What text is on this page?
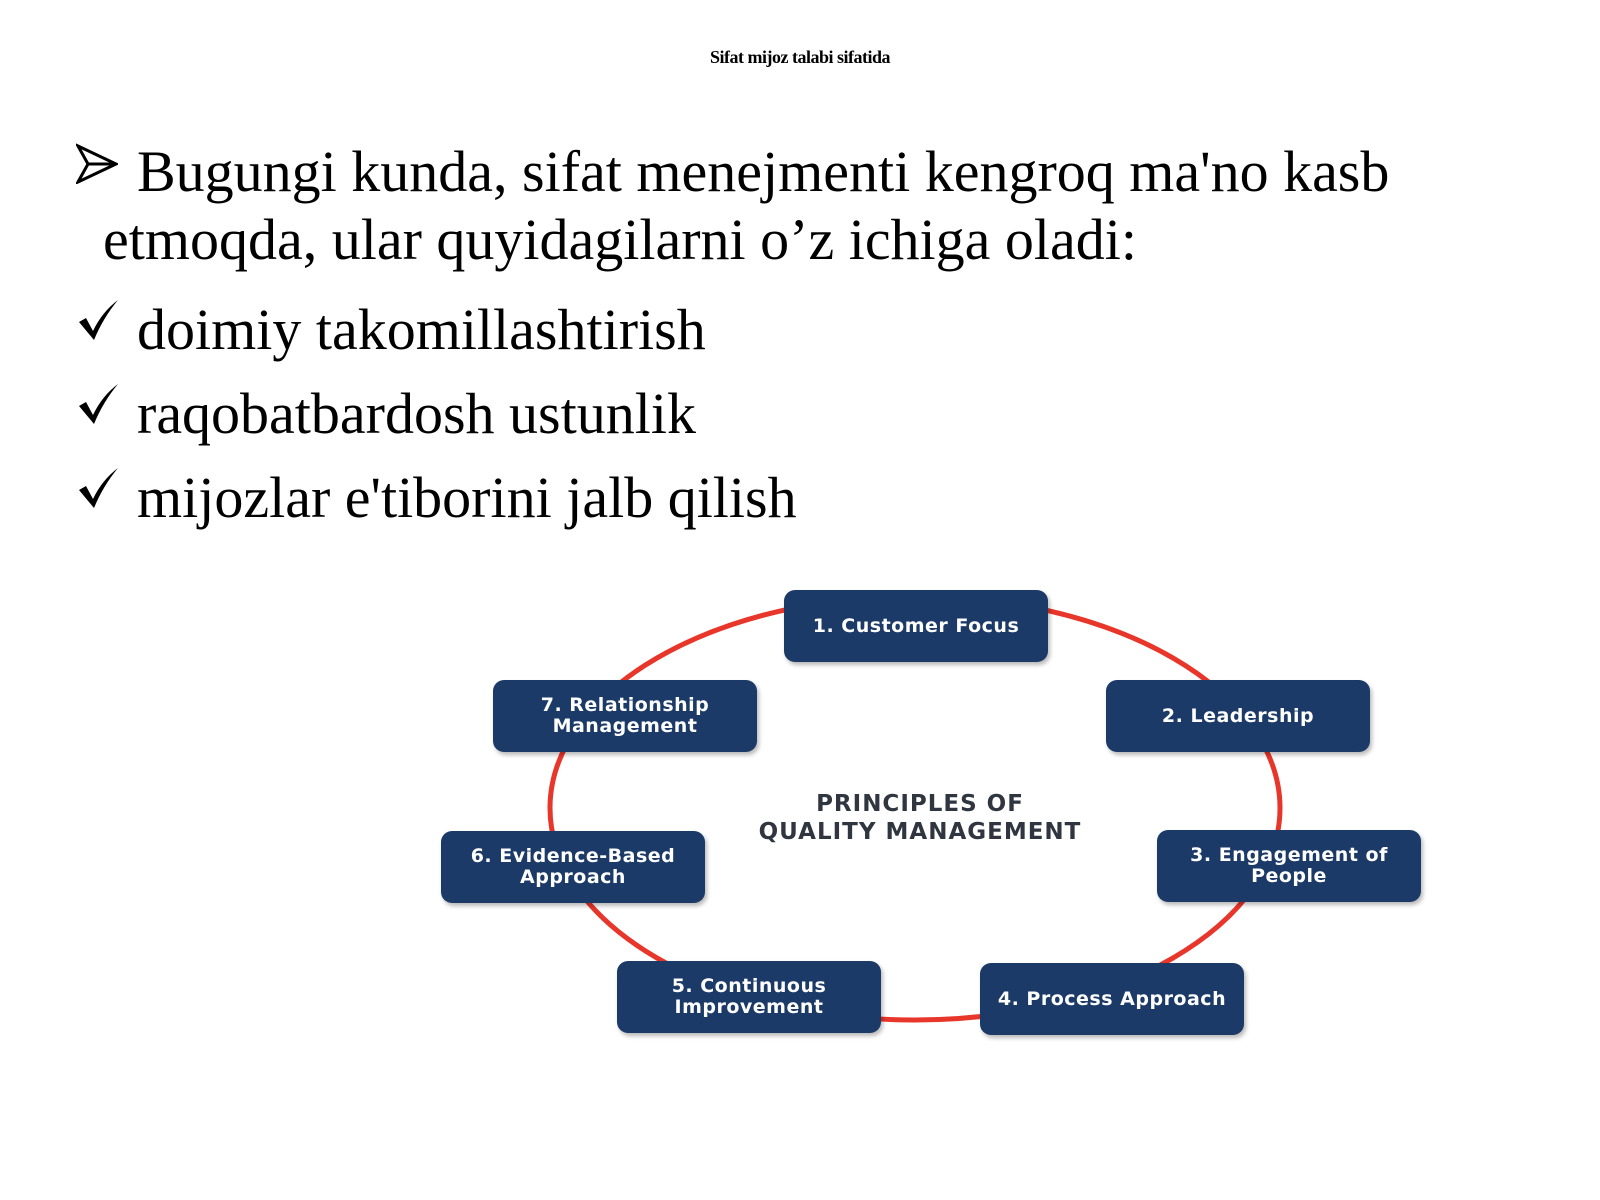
Sifat mijoz talabi sifatida
Bugungi kunda, sifat menejmenti kengroq ma'no kasb etmoqda, ular quyidagilarni o’z ichiga oladi:
doimiy takomillashtirish
raqobatbardosh ustunlik
mijozlar e'tiborini jalb qilish
PRINCIPLES OF
QUALITY MANAGEMENT
1. Customer Focus
2. Leadership
3. Engagement of People
4. Process Approach
5. Continuous Improvement
6. Evidence-Based Approach
7. Relationship Management
